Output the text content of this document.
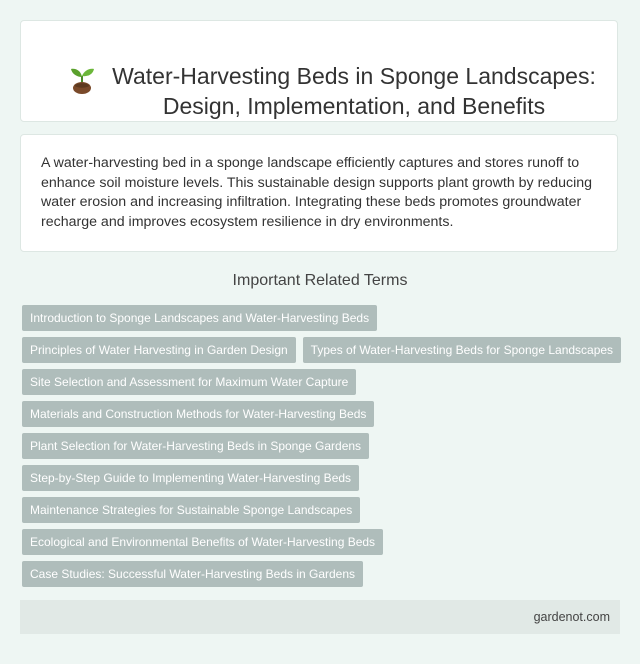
Water-Harvesting Beds in Sponge Landscapes: Design, Implementation, and Benefits
A water-harvesting bed in a sponge landscape efficiently captures and stores runoff to enhance soil moisture levels. This sustainable design supports plant growth by reducing water erosion and increasing infiltration. Integrating these beds promotes groundwater recharge and improves ecosystem resilience in dry environments.
Important Related Terms
Introduction to Sponge Landscapes and Water-Harvesting Beds
Principles of Water Harvesting in Garden Design	Types of Water-Harvesting Beds for Sponge Landscapes
Site Selection and Assessment for Maximum Water Capture
Materials and Construction Methods for Water-Harvesting Beds
Plant Selection for Water-Harvesting Beds in Sponge Gardens
Step-by-Step Guide to Implementing Water-Harvesting Beds
Maintenance Strategies for Sustainable Sponge Landscapes
Ecological and Environmental Benefits of Water-Harvesting Beds
Case Studies: Successful Water-Harvesting Beds in Gardens
gardenot.com
